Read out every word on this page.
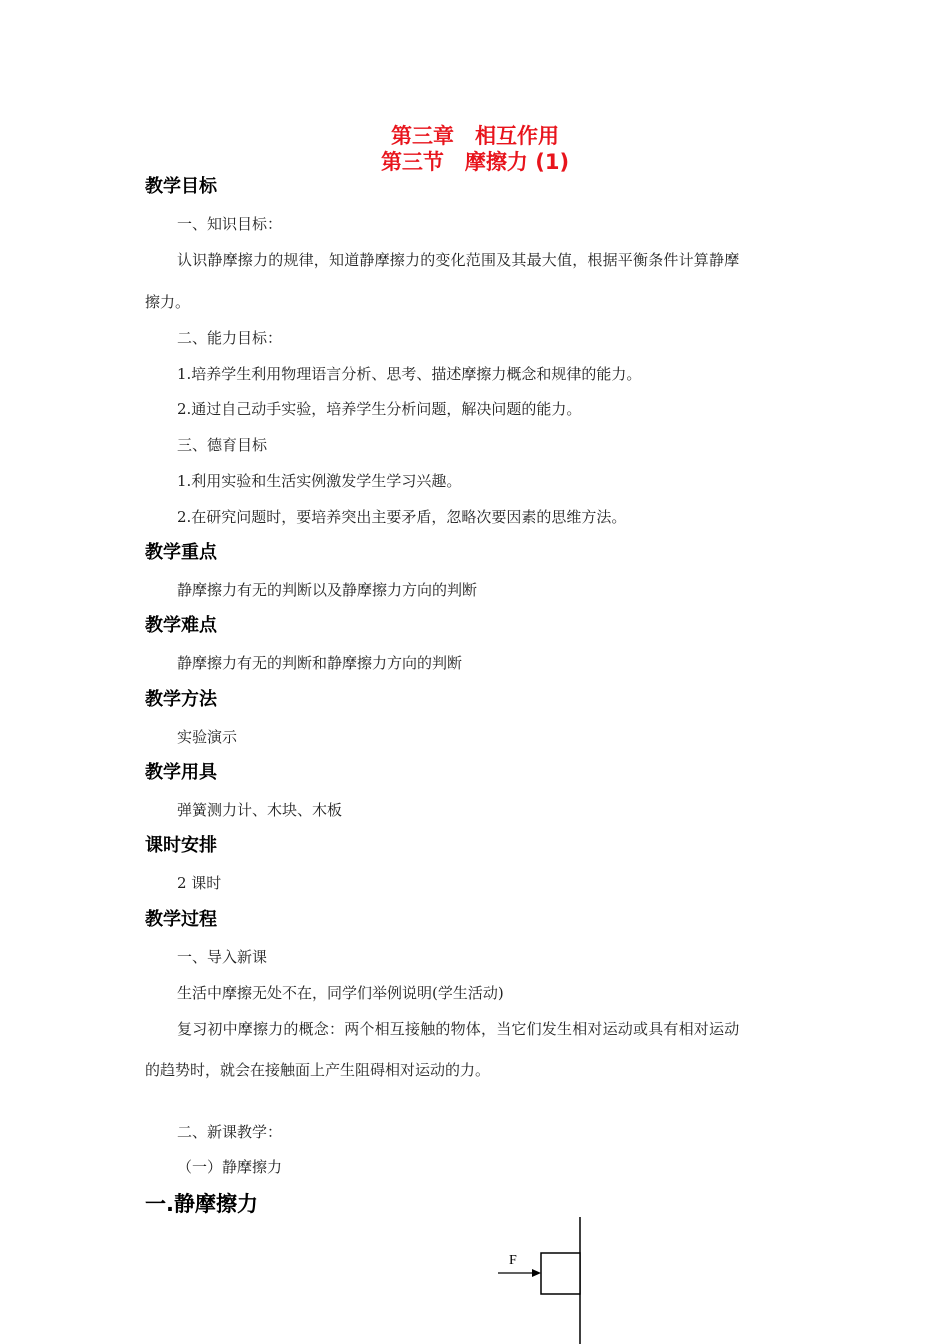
第三章　相互作用
第三节　摩擦力 (1)
教学目标
一、知识目标：
认识静摩擦力的规律，知道静摩擦力的变化范围及其最大值，根据平衡条件计算静摩
擦力。
二、能力目标：
1.培养学生利用物理语言分析、思考、描述摩擦力概念和规律的能力。
2.通过自己动手实验，培养学生分析问题，解决问题的能力。
三、德育目标
1.利用实验和生活实例激发学生学习兴趣。
2.在研究问题时，要培养突出主要矛盾，忽略次要因素的思维方法。
教学重点
静摩擦力有无的判断以及静摩擦力方向的判断
教学难点
静摩擦力有无的判断和静摩擦力方向的判断
教学方法
实验演示
教学用具
弹簧测力计、木块、木板
课时安排
2 课时
教学过程
一、导入新课
生活中摩擦无处不在，同学们举例说明(学生活动)
复习初中摩擦力的概念：两个相互接触的物体，当它们发生相对运动或具有相对运动
的趋势时，就会在接触面上产生阻碍相对运动的力。
二、新课教学：
（一）静摩擦力
一.静摩擦力
F
